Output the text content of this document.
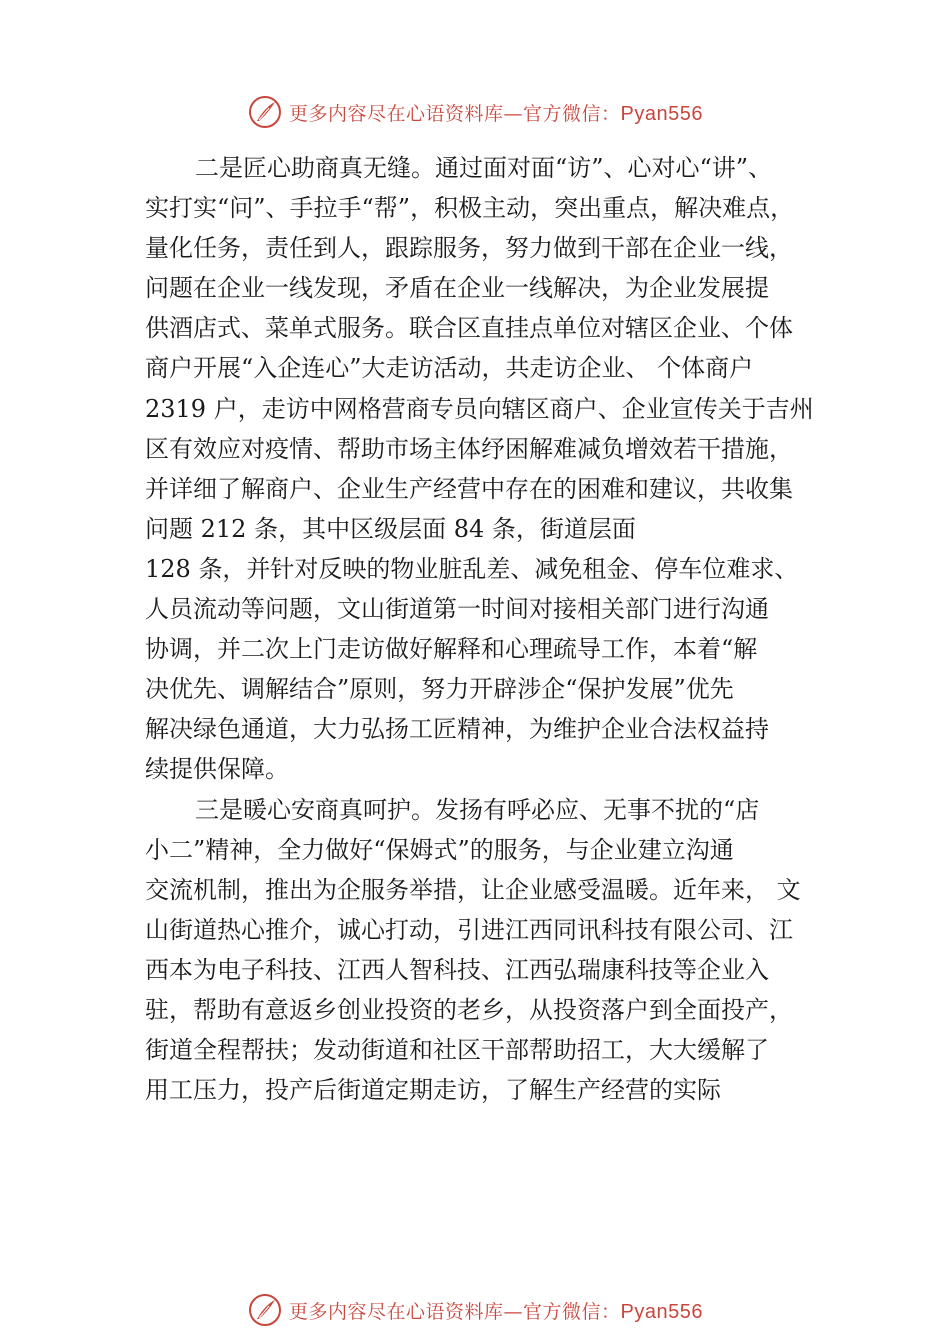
更多内容尽在心语资料库—官方微信：Pyan556
二是匠心助商真无缝。通过面对面“访”、心对心“讲”、
实打实“问”、手拉手“帮”，积极主动，突出重点，解决难点，
量化任务，责任到人，跟踪服务，努力做到干部在企业一线，
问题在企业一线发现，矛盾在企业一线解决，为企业发展提
供酒店式、菜单式服务。联合区直挂点单位对辖区企业、个体
商户开展“入企连心”大走访活动，共走访企业、 个体商户
2319 户，走访中网格营商专员向辖区商户、企业宣传关于吉州
区有效应对疫情、帮助市场主体纾困解难减负增效若干措施，
并详细了解商户、企业生产经营中存在的困难和建议，共收集
问题 212 条，其中区级层面 84 条，街道层面
128 条，并针对反映的物业脏乱差、减免租金、停车位难求、
人员流动等问题，文山街道第一时间对接相关部门进行沟通
协调，并二次上门走访做好解释和心理疏导工作，本着“解
决优先、调解结合”原则，努力开辟涉企“保护发展”优先
解决绿色通道，大力弘扬工匠精神，为维护企业合法权益持
续提供保障。
三是暖心安商真呵护。发扬有呼必应、无事不扰的“店
小二”精神，全力做好“保姆式”的服务，与企业建立沟通
交流机制，推出为企服务举措，让企业感受温暖。近年来， 文
山街道热心推介，诚心打动，引进江西同讯科技有限公司、江
西本为电子科技、江西人智科技、江西弘瑞康科技等企业入
驻，帮助有意返乡创业投资的老乡，从投资落户到全面投产，
街道全程帮扶；发动街道和社区干部帮助招工，大大缓解了
用工压力，投产后街道定期走访，了解生产经营的实际
更多内容尽在心语资料库—官方微信：Pyan556
